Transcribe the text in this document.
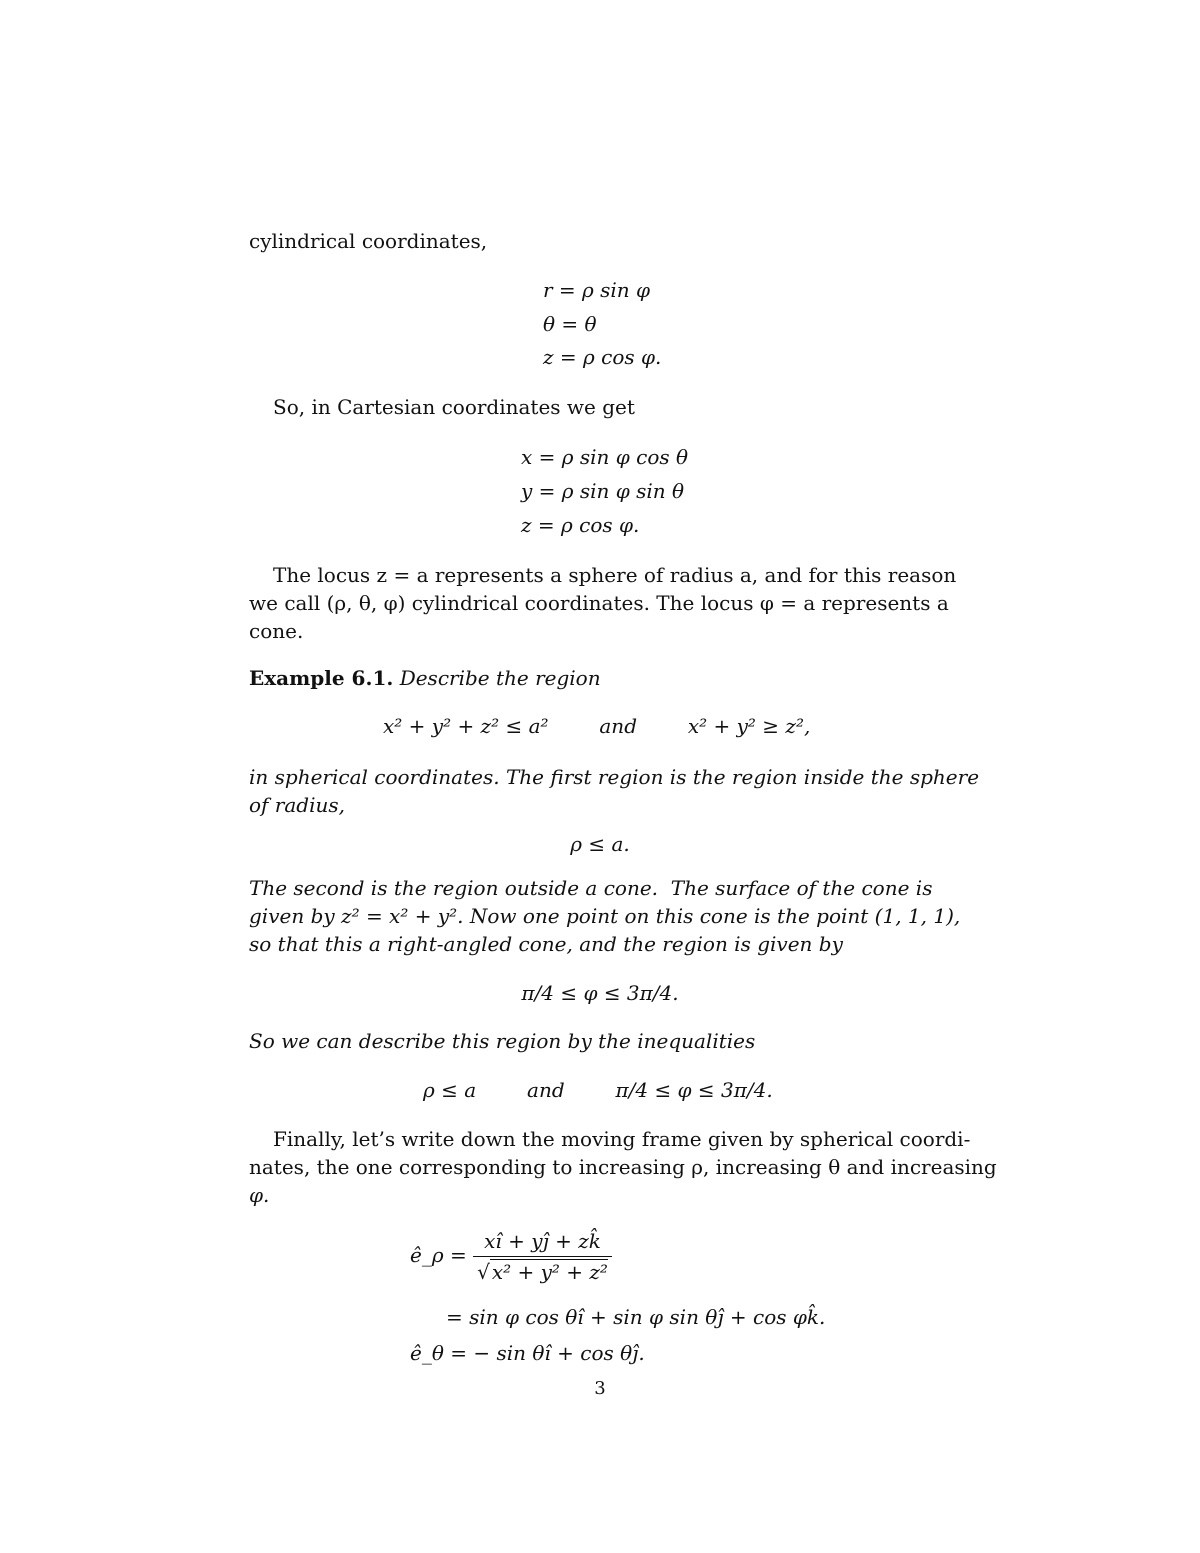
cylindrical coordinates,
r = ρ sin φ
θ = θ
z = ρ cos φ.
So, in Cartesian coordinates we get
x = ρ sin φ cos θ
y = ρ sin φ sin θ
z = ρ cos φ.
The locus z = a represents a sphere of radius a, and for this reason
we call (ρ, θ, φ) cylindrical coordinates. The locus φ = a represents a
cone.
Example 6.1. Describe the region
x² + y² + z² ≤ a²        and        x² + y² ≥ z²,
in spherical coordinates. The first region is the region inside the sphere
of radius,
ρ ≤ a.
The second is the region outside a cone.  The surface of the cone is
given by z² = x² + y². Now one point on this cone is the point (1, 1, 1),
so that this a right-angled cone, and the region is given by
π/4 ≤ φ ≤ 3π/4.
So we can describe this region by the inequalities
ρ ≤ a        and        π/4 ≤ φ ≤ 3π/4.
Finally, let’s write down the moving frame given by spherical coordi-
nates, the one corresponding to increasing ρ, increasing θ and increasing
φ.
ê_ρ = $\frac{xî + yĵ + zk̂}{\text{√ x² + y² + z²}}$
= sin φ cos θî + sin φ sin θĵ + cos φk̂.
ê_θ = − sin θî + cos θĵ.
3
